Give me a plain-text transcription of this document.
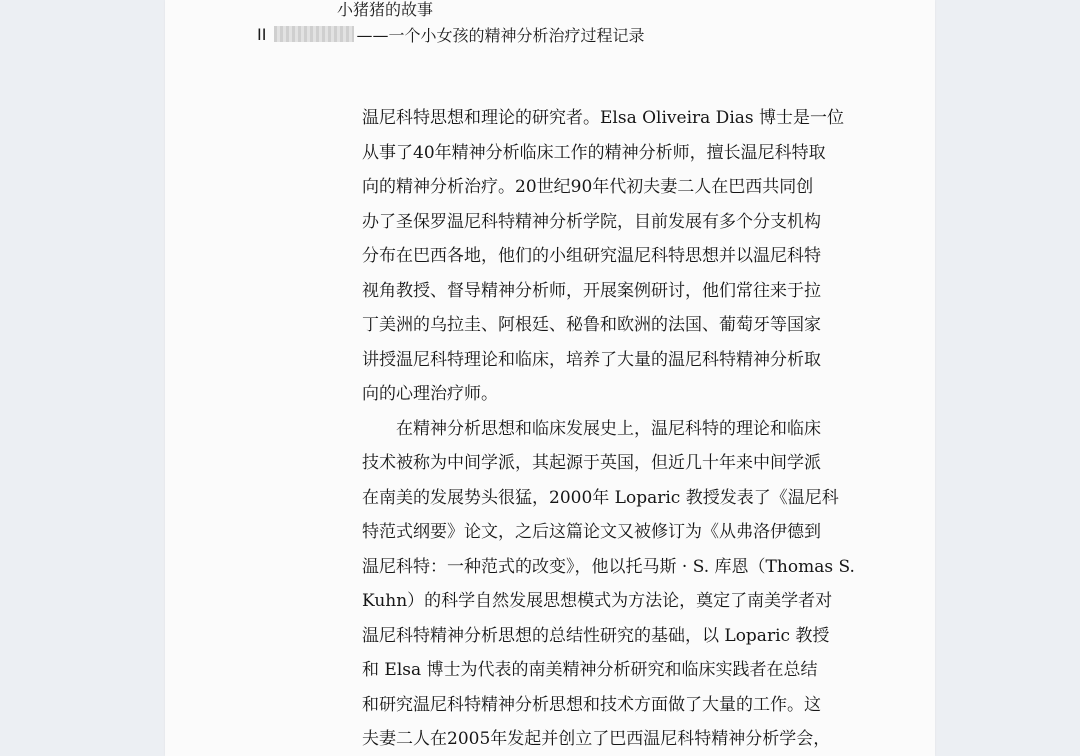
小猪猪的故事
II	——一个小女孩的精神分析治疗过程记录
温尼科特思想和理论的研究者。Elsa Oliveira Dias 博士是一位
从事了40年精神分析临床工作的精神分析师，擅长温尼科特取
向的精神分析治疗。20世纪90年代初夫妻二人在巴西共同创
办了圣保罗温尼科特精神分析学院，目前发展有多个分支机构
分布在巴西各地，他们的小组研究温尼科特思想并以温尼科特
视角教授、督导精神分析师，开展案例研讨，他们常往来于拉
丁美洲的乌拉圭、阿根廷、秘鲁和欧洲的法国、葡萄牙等国家
讲授温尼科特理论和临床，培养了大量的温尼科特精神分析取
向的心理治疗师。
　　在精神分析思想和临床发展史上，温尼科特的理论和临床
技术被称为中间学派，其起源于英国，但近几十年来中间学派
在南美的发展势头很猛，2000年 Loparic 教授发表了《温尼科
特范式纲要》论文，之后这篇论文又被修订为《从弗洛伊德到
温尼科特：一种范式的改变》，他以托马斯 · S. 库恩（Thomas S.
Kuhn）的科学自然发展思想模式为方法论，奠定了南美学者对
温尼科特精神分析思想的总结性研究的基础，以 Loparic 教授
和 Elsa 博士为代表的南美精神分析研究和临床实践者在总结
和研究温尼科特精神分析思想和技术方面做了大量的工作。这
夫妻二人在2005年发起并创立了巴西温尼科特精神分析学会，
